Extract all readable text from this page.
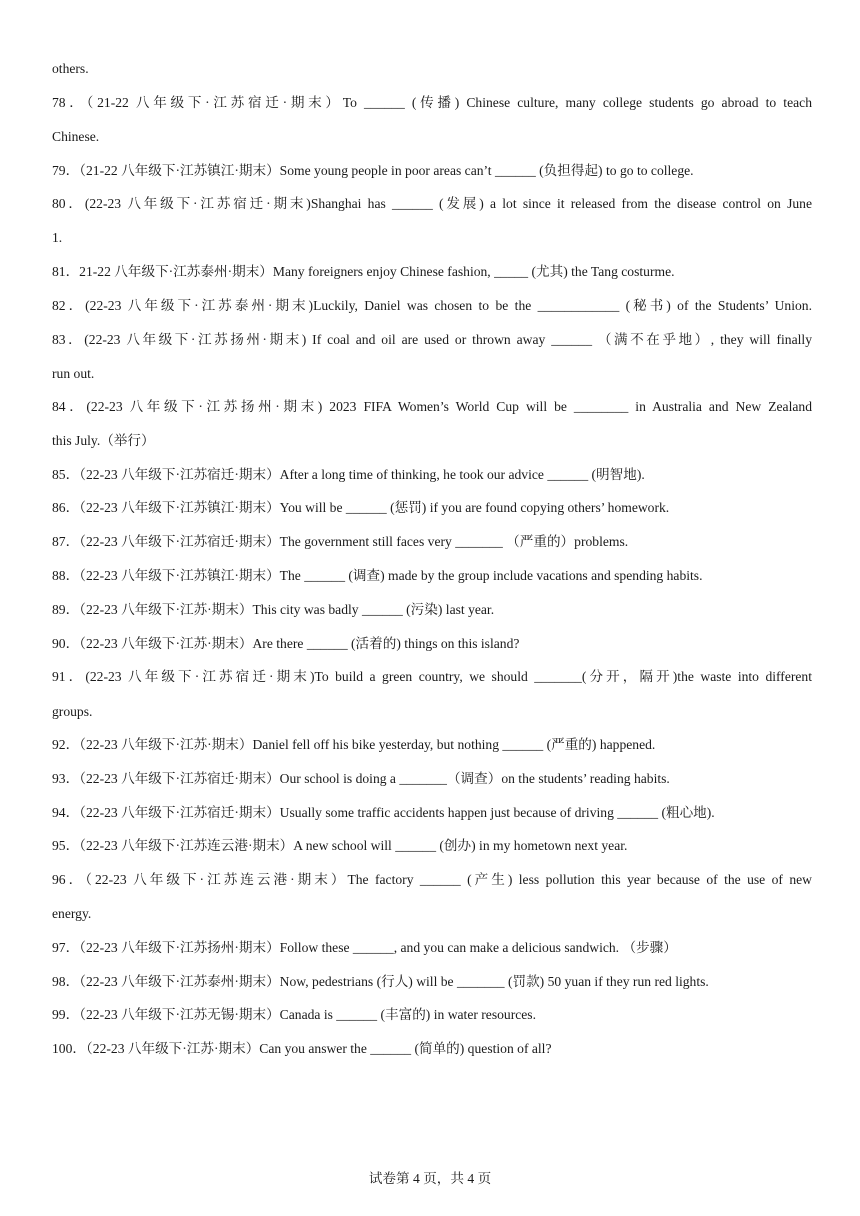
others.
78．（21-22 八年级下·江苏宿迁·期末）To ______ (传播) Chinese culture, many college students go abroad to teach
Chinese.
79．（21-22 八年级下·江苏镇江·期末）Some young people in poor areas can’t ______ (负担得起) to go to college.
80．(22-23 八年级下·江苏宿迁·期末)Shanghai has ______ (发展) a lot since it released from the disease control on June
1.
81．21-22 八年级下·江苏泰州·期末）Many foreigners enjoy Chinese fashion, _____ (尤其) the Tang costurme.
82．(22-23 八年级下·江苏泰州·期末)Luckily, Daniel was chosen to be the ____________ (秘书) of the Students’ Union.
83．(22-23 八年级下·江苏扬州·期末) If coal and oil are used or thrown away ______ （满不在乎地）, they will finally
run out.
84．(22-23 八年级下·江苏扬州·期末) 2023 FIFA Women’s World Cup will be ________ in Australia and New Zealand
this July.（举行）
85．（22-23 八年级下·江苏宿迁·期末）After a long time of thinking, he took our advice ______ (明智地).
86．（22-23 八年级下·江苏镇江·期末）You will be ______ (惩罚) if you are found copying others’ homework.
87．（22-23 八年级下·江苏宿迁·期末）The government still faces very _______ （严重的）problems.
88．（22-23 八年级下·江苏镇江·期末）The ______ (调查) made by the group include vacations and spending habits.
89．（22-23 八年级下·江苏·期末）This city was badly ______ (污染) last year.
90．（22-23 八年级下·江苏·期末）Are there ______ (活着的) things on this island?
91．(22-23 八年级下·江苏宿迁·期末)To build a green country, we should _______(分开，隔开)the waste into different
groups.
92．（22-23 八年级下·江苏·期末）Daniel fell off his bike yesterday, but nothing ______ (严重的) happened.
93．（22-23 八年级下·江苏宿迁·期末）Our school is doing a _______（调查）on the students’ reading habits.
94．（22-23 八年级下·江苏宿迁·期末）Usually some traffic accidents happen just because of driving ______ (粗心地).
95．（22-23 八年级下·江苏连云港·期末）A new school will ______ (创办) in my hometown next year.
96．（22-23 八年级下·江苏连云港·期末）The factory ______ (产生) less pollution this year because of the use of new
energy.
97．（22-23 八年级下·江苏扬州·期末）Follow these ______, and you can make a delicious sandwich. （步骤）
98．（22-23 八年级下·江苏泰州·期末）Now, pedestrians (行人) will be _______ (罚款) 50 yuan if they run red lights.
99．（22-23 八年级下·江苏无锡·期末）Canada is ______ (丰富的) in water resources.
100．（22-23 八年级下·江苏·期末）Can you answer the ______ (简单的) question of all?
试卷第 4 页，共 4 页
